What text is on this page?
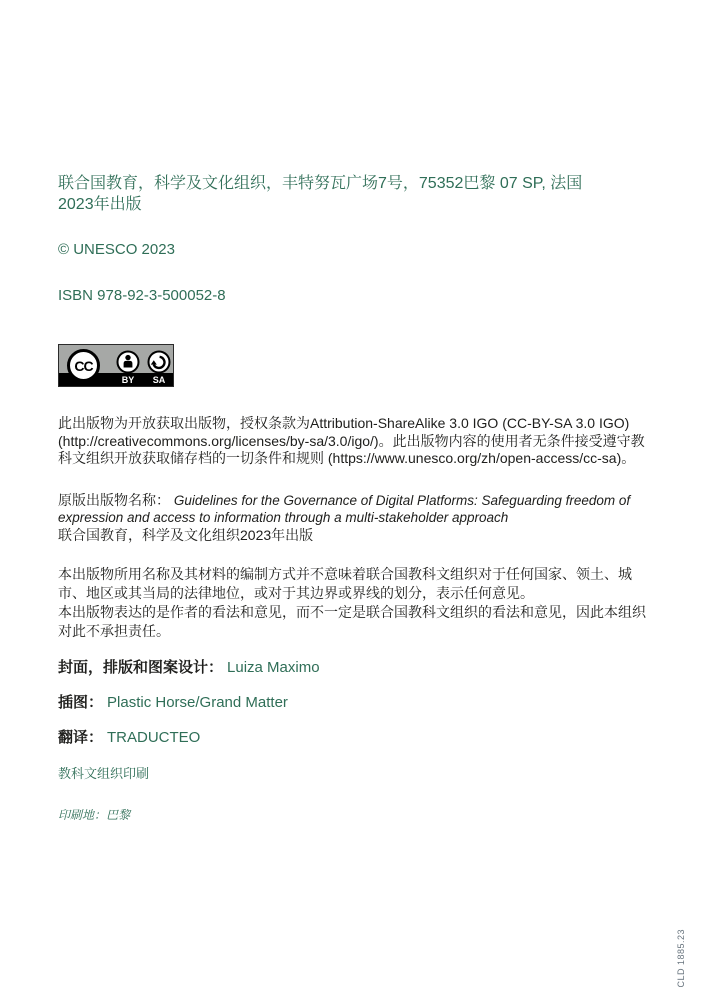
联合国教育，科学及文化组织，丰特努瓦广场7号，75352巴黎 07 SP, 法国
2023年出版

© UNESCO 2023

ISBN 978-92-3-500052-8

CC
BY	SA

此出版物为开放获取出版物，授权条款为Attribution-ShareAlike 3.0 IGO (CC-BY-SA 3.0 IGO) (http://creativecommons.org/licenses/by-sa/3.0/igo/)。此出版物内容的使用者无条件接受遵守教科文组织开放获取储存档的一切条件和规则 (https://www.unesco.org/zh/open-access/cc-sa)。

原版出版物名称： Guidelines for the Governance of Digital Platforms: Safeguarding freedom of expression and access to information through a multi-stakeholder approach
联合国教育，科学及文化组织2023年出版

本出版物所用名称及其材料的编制方式并不意味着联合国教科文组织对于任何国家、领土、城市、地区或其当局的法律地位，或对于其边界或界线的划分，表示任何意见。

本出版物表达的是作者的看法和意见，而不一定是联合国教科文组织的看法和意见，因此本组织对此不承担责任。

封面，排版和图案设计： Luiza Maximo
插图： Plastic Horse/Grand Matter
翻译： TRADUCTEO

教科文组织印刷

印刷地：巴黎

CLD 1885.23
